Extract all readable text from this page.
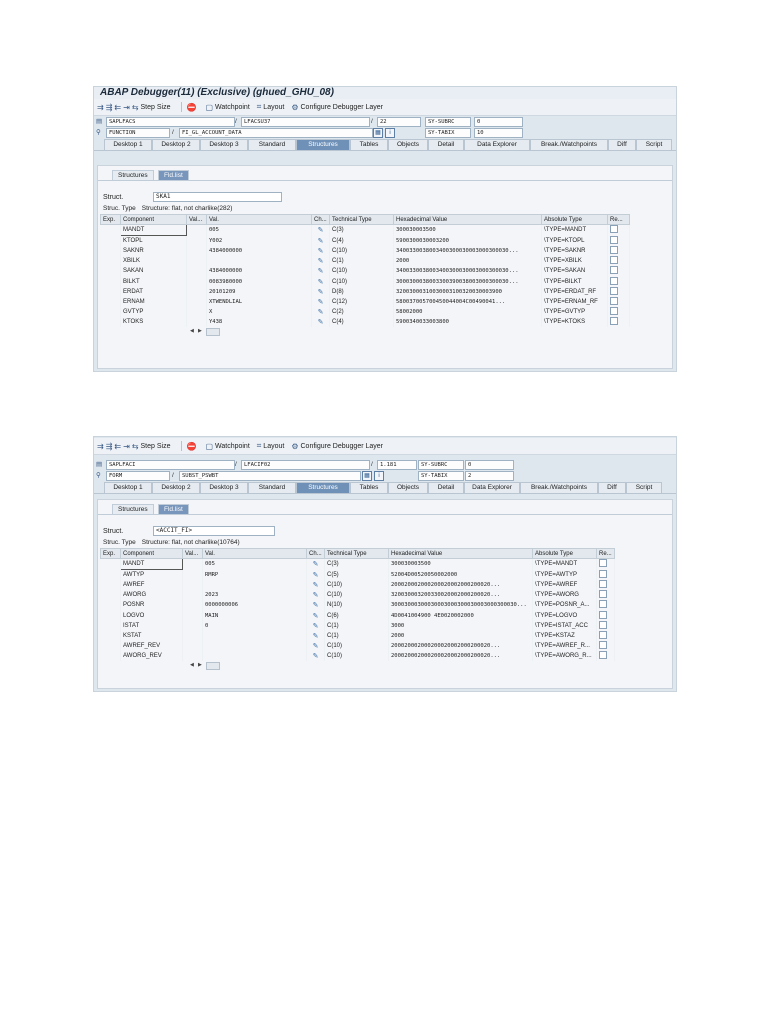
ABAP Debugger(11) (Exclusive) (ghued_GHU_08)
⇉ ⇶ ⇇ ⇥ ⇆ Step Size ⛔ ▢ Watchpoint ⌗ Layout ⚙ Configure Debugger Layer
▤	SAPLFACS	/	LFACSU37	/	22	SY-SUBRC	0
⚲	FUNCTION	/	FI_GL_ACCOUNT_DATA	▦	i	SY-TABIX	10
Desktop 1	Desktop 2	Desktop 3	Standard	Structures	Tables	Objects	Detail	Data Explorer	Break./Watchpoints	Diff	Script
Structures	Fld.list
Struct.	SKA1
Struc. Type Structure: flat, not charlike(282)
Exp.	Component	Val...	Val.	Ch...	Technical Type	Hexadecimal Value	Absolute Type	Re...
	MANDT		005	✎	C(3)	300030003500	\TYPE=MANDT	
	KTOPL		Y002	✎	C(4)	5900300030003200	\TYPE=KTOPL	
	SAKNR		4384000000	✎	C(10)	3400330038003400300030003000300030...	\TYPE=SAKNR	
	XBILK			✎	C(1)	2000	\TYPE=XBILK	
	SAKAN		4384000000	✎	C(10)	3400330038003400300030003000300030...	\TYPE=SAKAN	
	BILKT		0083980000	✎	C(10)	3000300038003300390038003000300030...	\TYPE=BILKT	
	ERDAT		20101209	✎	D(8)	32003000310030003100320030003900	\TYPE=ERDAT_RF	
	ERNAM		XTWENDLIAL	✎	C(12)	580037005700450044004C00490041...	\TYPE=ERNAM_RF	
	GVTYP		X	✎	C(2)	58002000	\TYPE=GVTYP	
	KTOKS		Y438	✎	C(4)	5900340033003800	\TYPE=KTOKS	
◀ ▶
⇉ ⇶ ⇇ ⇥ ⇆ Step Size ⛔ ▢ Watchpoint ⌗ Layout ⚙ Configure Debugger Layer
▤	SAPLFACI	/	LFACIF02	/	1.181	SY-SUBRC	0
⚲	FORM	/	SUBST_PSWBT	▦	i	SY-TABIX	2
Desktop 1	Desktop 2	Desktop 3	Standard	Structures	Tables	Objects	Detail	Data Explorer	Break./Watchpoints	Diff	Script
Structures	Fld.list
Struct.	<ACCIT_FI>
Struc. Type Structure: flat, not charlike(10764)
Exp.	Component	Val...	Val.	Ch...	Technical Type	Hexadecimal Value	Absolute Type	Re...
	MANDT		005	✎	C(3)	300030003500	\TYPE=MANDT	
	AWTYP		RMRP	✎	C(5)	52004D00520050002000	\TYPE=AWTYP	
	AWREF			✎	C(10)	200020002000200020002000200020...	\TYPE=AWREF	
	AWORG		2023	✎	C(10)	320030003200330020002000200020...	\TYPE=AWORG	
	POSNR		0000000006	✎	N(10)	30003000300030003000300030003000300030...	\TYPE=POSNR_A...	
	LOGVO		MAIN	✎	C(6)	4D0041004900 4E0020002000	\TYPE=LOGVO	
	ISTAT		0	✎	C(1)	3000	\TYPE=ISTAT_ACC	
	KSTAT			✎	C(1)	2000	\TYPE=KSTAZ	
	AWREF_REV			✎	C(10)	200020002000200020002000200020...	\TYPE=AWREF_R...	
	AWORG_REV			✎	C(10)	200020002000200020002000200020...	\TYPE=AWORG_R...	
◀ ▶
